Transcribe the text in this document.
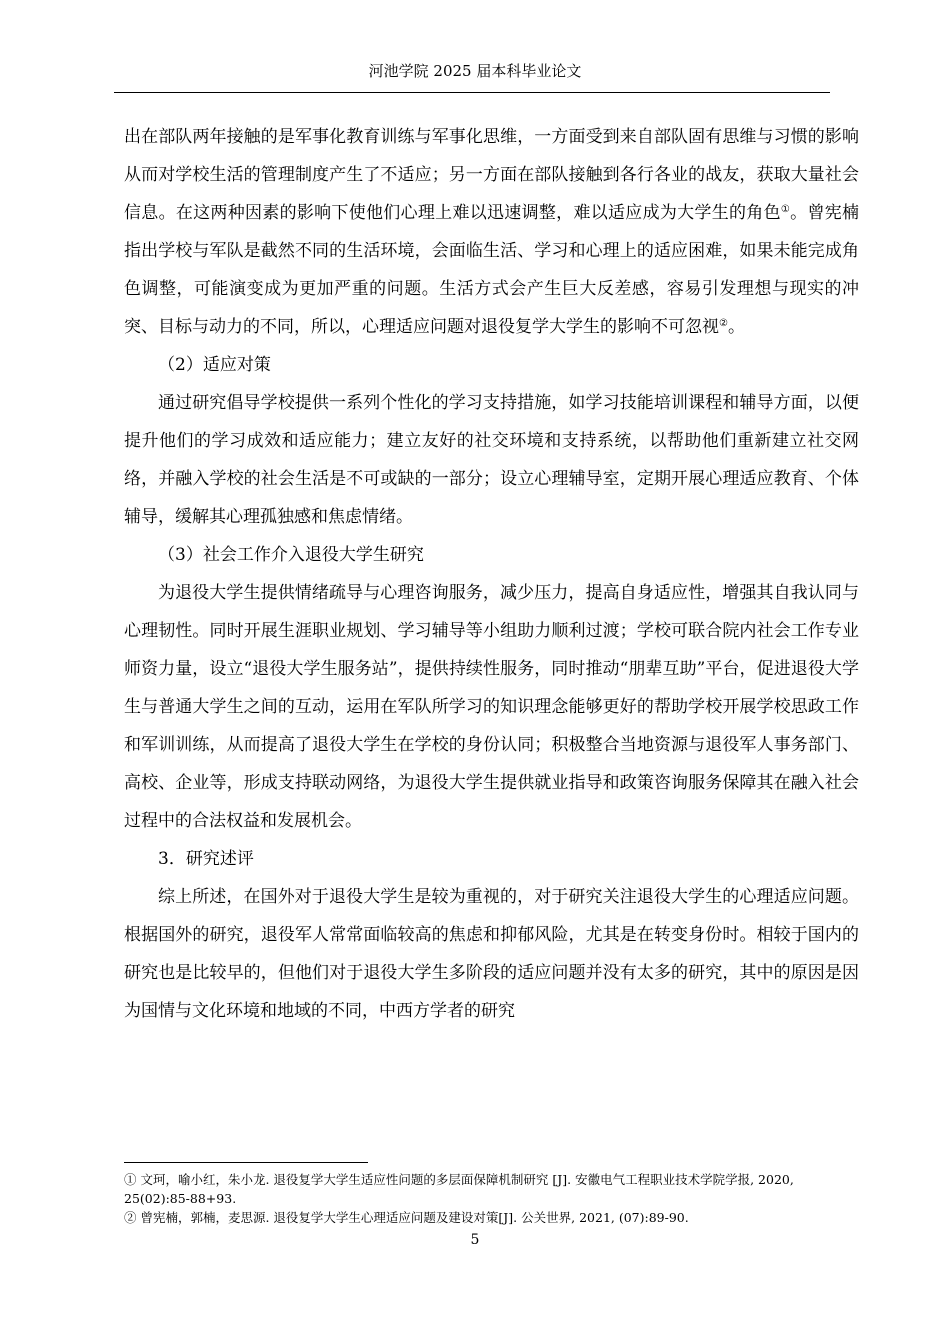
河池学院 2025 届本科毕业论文

出在部队两年接触的是军事化教育训练与军事化思维，一方面受到来自部队固有思维与习惯的影响从而对学校生活的管理制度产生了不适应；另一方面在部队接触到各行各业的战友，获取大量社会信息。在这两种因素的影响下使他们心理上难以迅速调整，难以适应成为大学生的角色①。曾宪楠指出学校与军队是截然不同的生活环境，会面临生活、学习和心理上的适应困难，如果未能完成角色调整，可能演变成为更加严重的问题。生活方式会产生巨大反差感，容易引发理想与现实的冲突、目标与动力的不同，所以，心理适应问题对退役复学大学生的影响不可忽视②。

（2）适应对策

通过研究倡导学校提供一系列个性化的学习支持措施，如学习技能培训课程和辅导方面，以便提升他们的学习成效和适应能力；建立友好的社交环境和支持系统，以帮助他们重新建立社交网络，并融入学校的社会生活是不可或缺的一部分；设立心理辅导室，定期开展心理适应教育、个体辅导，缓解其心理孤独感和焦虑情绪。

（3）社会工作介入退役大学生研究

为退役大学生提供情绪疏导与心理咨询服务，减少压力，提高自身适应性，增强其自我认同与心理韧性。同时开展生涯职业规划、学习辅导等小组助力顺利过渡；学校可联合院内社会工作专业师资力量，设立“退役大学生服务站”，提供持续性服务，同时推动“朋辈互助”平台，促进退役大学生与普通大学生之间的互动，运用在军队所学习的知识理念能够更好的帮助学校开展学校思政工作和军训训练，从而提高了退役大学生在学校的身份认同；积极整合当地资源与退役军人事务部门、高校、企业等，形成支持联动网络，为退役大学生提供就业指导和政策咨询服务保障其在融入社会过程中的合法权益和发展机会。

3．研究述评

综上所述，在国外对于退役大学生是较为重视的，对于研究关注退役大学生的心理适应问题。根据国外的研究，退役军人常常面临较高的焦虑和抑郁风险，尤其是在转变身份时。相较于国内的研究也是比较早的，但他们对于退役大学生多阶段的适应问题并没有太多的研究，其中的原因是因为国情与文化环境和地域的不同，中西方学者的研究

① 文珂，喻小红，朱小龙. 退役复学大学生适应性问题的多层面保障机制研究 [J]. 安徽电气工程职业技术学院学报, 2020, 25(02):85-88+93.

② 曾宪楠，郭楠，麦思源. 退役复学大学生心理适应问题及建设对策[J]. 公关世界, 2021, (07):89-90.

5
